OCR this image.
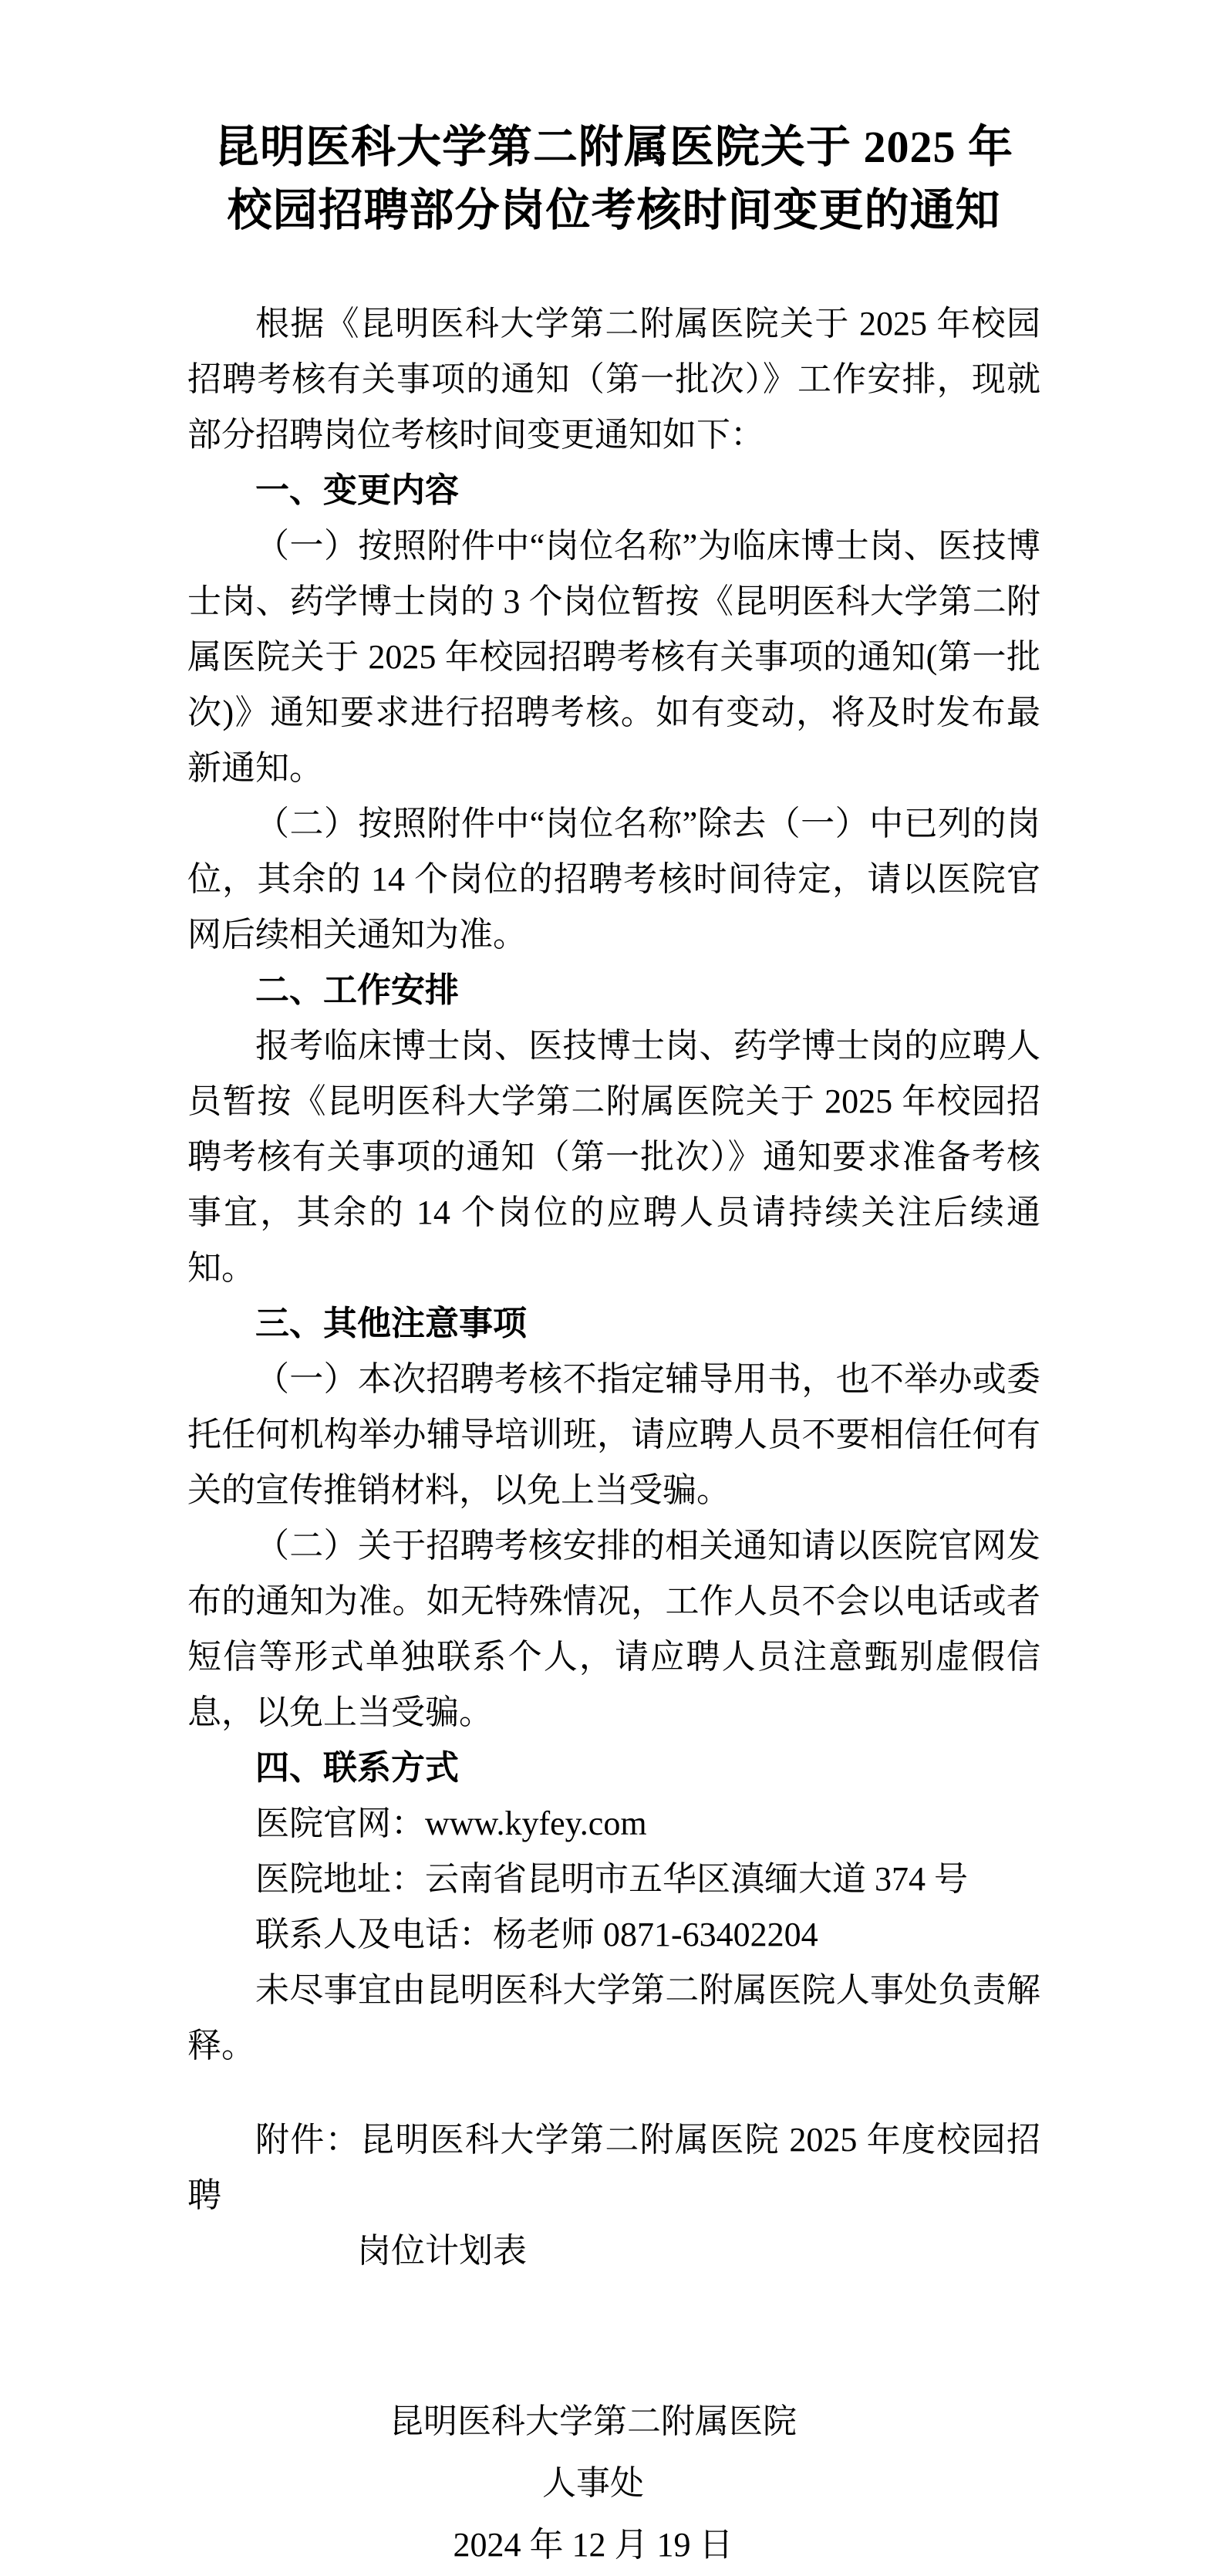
昆明医科大学第二附属医院关于 2025 年
校园招聘部分岗位考核时间变更的通知

根据《昆明医科大学第二附属医院关于 2025 年校园招聘考核有关事项的通知（第一批次）》工作安排，现就部分招聘岗位考核时间变更通知如下：

一、变更内容

（一）按照附件中“岗位名称”为临床博士岗、医技博士岗、药学博士岗的 3 个岗位暂按《昆明医科大学第二附属医院关于 2025 年校园招聘考核有关事项的通知(第一批次)》通知要求进行招聘考核。如有变动，将及时发布最新通知。

（二）按照附件中“岗位名称”除去（一）中已列的岗位，其余的 14 个岗位的招聘考核时间待定，请以医院官网后续相关通知为准。

二、工作安排

报考临床博士岗、医技博士岗、药学博士岗的应聘人员暂按《昆明医科大学第二附属医院关于 2025 年校园招聘考核有关事项的通知（第一批次）》通知要求准备考核事宜，其余的 14 个岗位的应聘人员请持续关注后续通知。

三、其他注意事项

（一）本次招聘考核不指定辅导用书，也不举办或委托任何机构举办辅导培训班，请应聘人员不要相信任何有关的宣传推销材料，以免上当受骗。

（二）关于招聘考核安排的相关通知请以医院官网发布的通知为准。如无特殊情况，工作人员不会以电话或者短信等形式单独联系个人，请应聘人员注意甄别虚假信息，以免上当受骗。

四、联系方式

医院官网：www.kyfey.com

医院地址：云南省昆明市五华区滇缅大道 374 号

联系人及电话：杨老师 0871-63402204

未尽事宜由昆明医科大学第二附属医院人事处负责解释。

附件：昆明医科大学第二附属医院 2025 年度校园招聘
岗位计划表
昆明医科大学第二附属医院
人事处
2024 年 12 月 19 日
